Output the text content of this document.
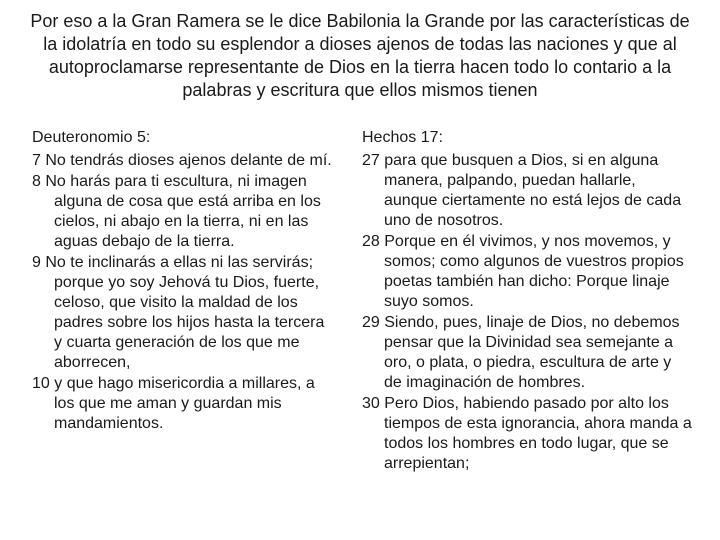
Por eso a la Gran Ramera se le dice Babilonia la Grande por las características de la idolatría en todo su esplendor a dioses ajenos de todas las naciones y que al autoproclamarse representante de Dios en la tierra hacen todo lo contario a la palabras y escritura que ellos mismos tienen

Deuteronomio 5:

7 No tendrás dioses ajenos delante de mí.

8 No harás para ti escultura, ni imagen alguna de cosa que está arriba en los cielos, ni abajo en la tierra, ni en las aguas debajo de la tierra.

9 No te inclinarás a ellas ni las servirás; porque yo soy Jehová tu Dios, fuerte, celoso, que visito la maldad de los padres sobre los hijos hasta la tercera y cuarta generación de los que me aborrecen,

10 y que hago misericordia a millares, a los que me aman y guardan mis mandamientos.

Hechos 17:

27 para que busquen a Dios, si en alguna manera, palpando, puedan hallarle, aunque ciertamente no está lejos de cada uno de nosotros.

28 Porque en él vivimos, y nos movemos, y somos; como algunos de vuestros propios poetas también han dicho: Porque linaje suyo somos.

29 Siendo, pues, linaje de Dios, no debemos pensar que la Divinidad sea semejante a oro, o plata, o piedra, escultura de arte y de imaginación de hombres.

30 Pero Dios, habiendo pasado por alto los tiempos de esta ignorancia, ahora manda a todos los hombres en todo lugar, que se arrepientan;
